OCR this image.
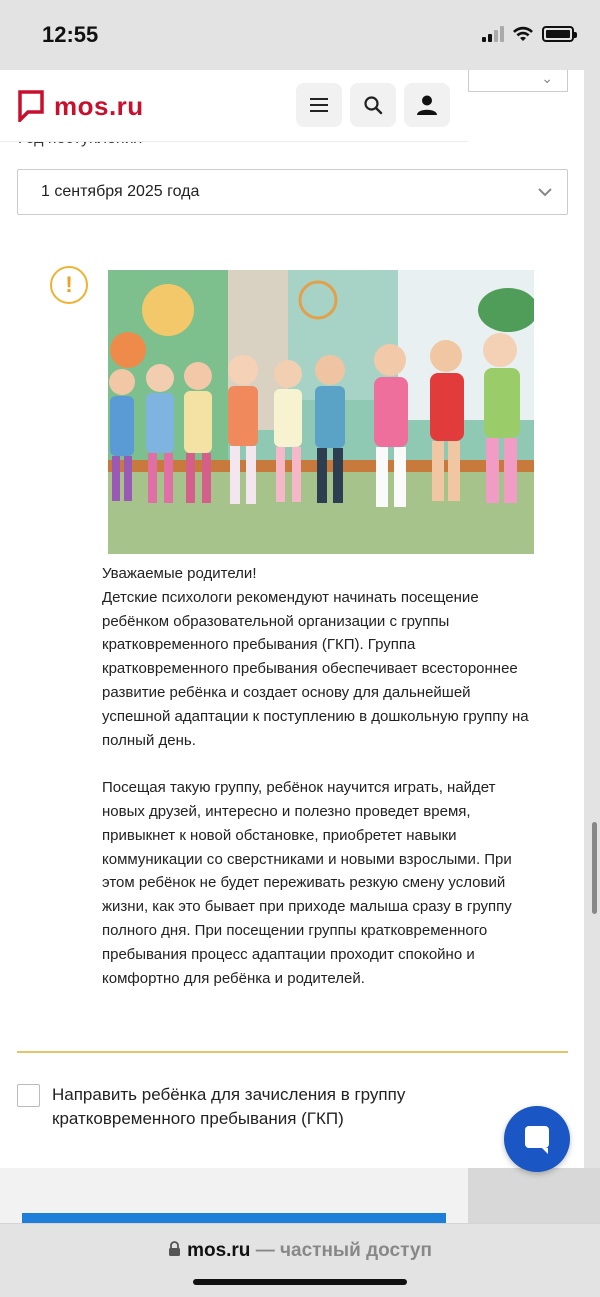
12:55
⌄
mos.ru
1 сентября 2025 года
!

Уважаемые родители!
Детские психологи рекомендуют начинать посещение ребёнком образовательной организации с группы кратковременного пребывания (ГКП). Группа кратковременного пребывания обеспечивает всестороннее развитие ребёнка и создает основу для дальнейшей успешной адаптации к поступлению в дошкольную группу на полный день.

Посещая такую группу, ребёнок научится играть, найдет новых друзей, интересно и полезно проведет время, привыкнет к новой обстановке, приобретет навыки коммуникации со сверстниками и новыми взрослыми. При этом ребёнок не будет переживать резкую смену условий жизни, как это бывает при приходе малыша сразу в группу полного дня. При посещении группы кратковременного пребывания процесс адаптации проходит спокойно и комфортно для ребёнка и родителей.

Направить ребёнка для зачисления в группу кратковременного пребывания (ГКП)
mos.ru — частный доступ
